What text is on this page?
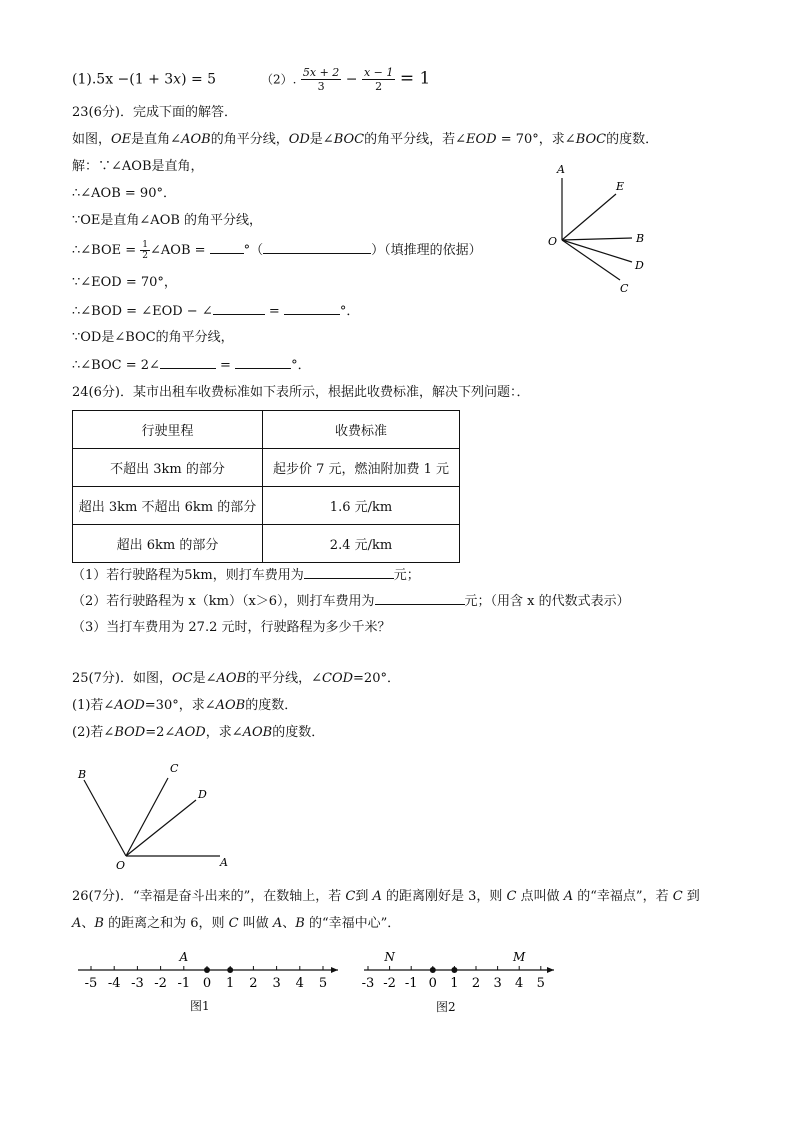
(1).5x −(1 + 3x) = 5	（2）. $\frac{5x + 2}{3} - \frac{x - 1}{2} = 1$
23(6分)．完成下面的解答．
如图，OE是直角∠AOB的角平分线，OD是∠BOC的角平分线，若∠EOD = 70°，求∠BOC的度数．
解：∵∠AOB是直角，
∴∠AOB = 90°．
∵OE是直角∠AOB 的角平分线，
∴∠BOE = $\frac{1}{2}$ ∠AOB =	°（	）（填推理的依据）
∵∠EOD = 70°，
∴∠BOD = ∠EOD − ∠	=	°．
∵OD是∠BOC的角平分线，
∴∠BOC = 2∠	=	°．
A
E
B
D
C
O
24(6分)．某市出租车收费标准如下表所示，根据此收费标准，解决下列问题：．
行驶里程	收费标准
不超出 3km 的部分	起步价 7 元，燃油附加费 1 元
超出 3km 不超出 6km 的部分	1.6 元/km
超出 6km 的部分	2.4 元/km
（1）若行驶路程为5km，则打车费用为	元；
（2）若行驶路程为 x（km）（x＞6），则打车费用为	元；（用含 x 的代数式表示）
（3）当打车费用为 27.2 元时，行驶路程为多少千米？
25(7分)．如图，OC是∠AOB的平分线，∠COD=20°．
(1)若∠AOD=30°，求∠AOB的度数．
(2)若∠BOD=2∠AOD，求∠AOB的度数．
B	C
D
O	A
26(7分)．“幸福是奋斗出来的”，在数轴上，若 C到 A 的距离刚好是 3，则 C 点叫做 A 的“幸福点”，若 C 到
A、B 的距离之和为 6，则 C 叫做 A、B 的“幸福中心”．
-5 -4 -3 -2 -1 0 1 2 3 4 5
A
图1
-3 -2 -1 0 1 2 3 4 5
N	M
图2
